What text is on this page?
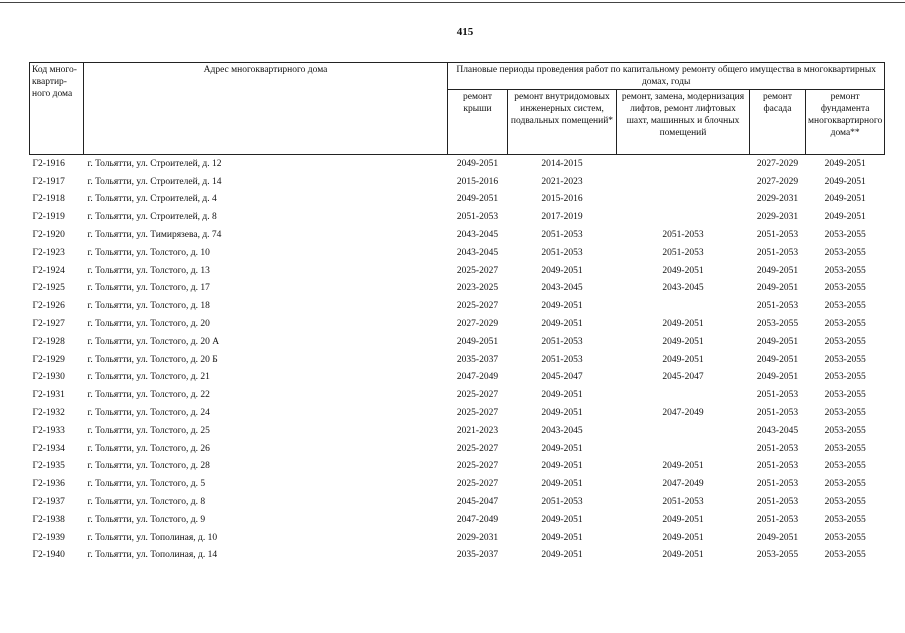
415
Код много-
квартир-
ного дома	Адрес многоквартирного дома	Плановые периоды проведения работ по капитальному ремонту общего имущества в многоквартирных домах, годы				
		ремонт крыши	ремонт внутридомовых инженерных систем, подвальных помещений*	ремонт, замена, модернизация лифтов, ремонт лифтовых шахт, машинных и блочных помещений	ремонт фасада	ремонт фундамента многоквартирного дома**
Г2-1916	г. Тольятти, ул. Строителей, д. 12	2049-2051	2014-2015		2027-2029	2049-2051
Г2-1917	г. Тольятти, ул. Строителей, д. 14	2015-2016	2021-2023		2027-2029	2049-2051
Г2-1918	г. Тольятти, ул. Строителей, д. 4	2049-2051	2015-2016		2029-2031	2049-2051
Г2-1919	г. Тольятти, ул. Строителей, д. 8	2051-2053	2017-2019		2029-2031	2049-2051
Г2-1920	г. Тольятти, ул. Тимирязева, д. 74	2043-2045	2051-2053	2051-2053	2051-2053	2053-2055
Г2-1923	г. Тольятти, ул. Толстого, д. 10	2043-2045	2051-2053	2051-2053	2051-2053	2053-2055
Г2-1924	г. Тольятти, ул. Толстого, д. 13	2025-2027	2049-2051	2049-2051	2049-2051	2053-2055
Г2-1925	г. Тольятти, ул. Толстого, д. 17	2023-2025	2043-2045	2043-2045	2049-2051	2053-2055
Г2-1926	г. Тольятти, ул. Толстого, д. 18	2025-2027	2049-2051		2051-2053	2053-2055
Г2-1927	г. Тольятти, ул. Толстого, д. 20	2027-2029	2049-2051	2049-2051	2053-2055	2053-2055
Г2-1928	г. Тольятти, ул. Толстого, д. 20 А	2049-2051	2051-2053	2049-2051	2049-2051	2053-2055
Г2-1929	г. Тольятти, ул. Толстого, д. 20 Б	2035-2037	2051-2053	2049-2051	2049-2051	2053-2055
Г2-1930	г. Тольятти, ул. Толстого, д. 21	2047-2049	2045-2047	2045-2047	2049-2051	2053-2055
Г2-1931	г. Тольятти, ул. Толстого, д. 22	2025-2027	2049-2051		2051-2053	2053-2055
Г2-1932	г. Тольятти, ул. Толстого, д. 24	2025-2027	2049-2051	2047-2049	2051-2053	2053-2055
Г2-1933	г. Тольятти, ул. Толстого, д. 25	2021-2023	2043-2045		2043-2045	2053-2055
Г2-1934	г. Тольятти, ул. Толстого, д. 26	2025-2027	2049-2051		2051-2053	2053-2055
Г2-1935	г. Тольятти, ул. Толстого, д. 28	2025-2027	2049-2051	2049-2051	2051-2053	2053-2055
Г2-1936	г. Тольятти, ул. Толстого, д. 5	2025-2027	2049-2051	2047-2049	2051-2053	2053-2055
Г2-1937	г. Тольятти, ул. Толстого, д. 8	2045-2047	2051-2053	2051-2053	2051-2053	2053-2055
Г2-1938	г. Тольятти, ул. Толстого, д. 9	2047-2049	2049-2051	2049-2051	2051-2053	2053-2055
Г2-1939	г. Тольятти, ул. Тополиная, д. 10	2029-2031	2049-2051	2049-2051	2049-2051	2053-2055
Г2-1940	г. Тольятти, ул. Тополиная, д. 14	2035-2037	2049-2051	2049-2051	2053-2055	2053-2055
